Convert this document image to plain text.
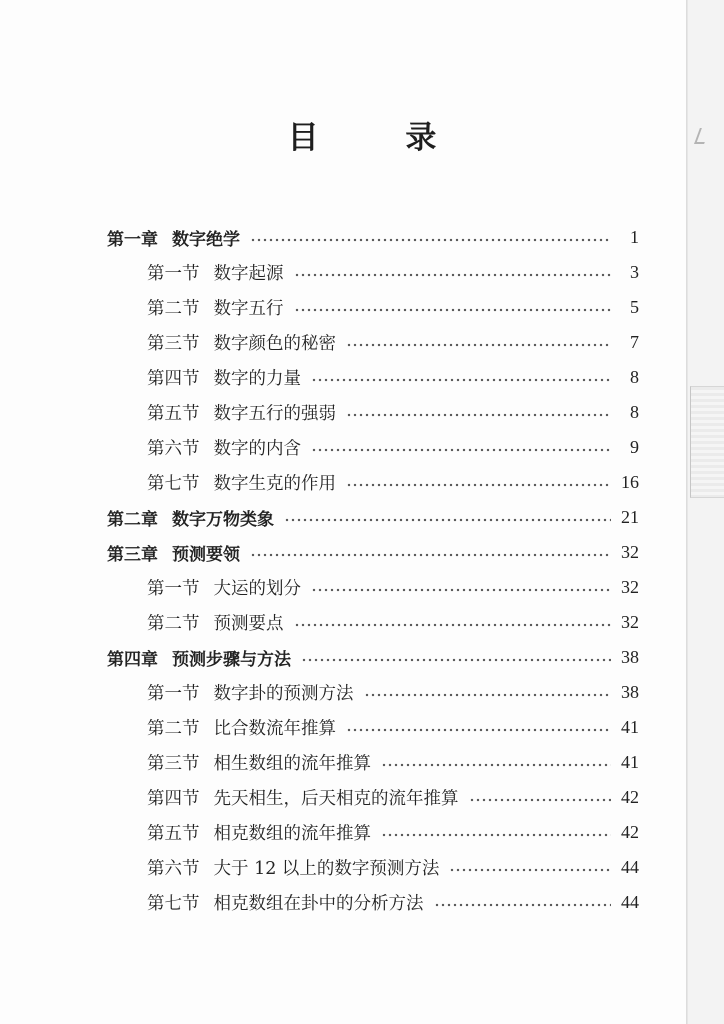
目 录
第一章 数字绝学	1
第一节 数字起源	3
第二节 数字五行	5
第三节 数字颜色的秘密	7
第四节 数字的力量	8
第五节 数字五行的强弱	8
第六节 数字的内含	9
第七节 数字生克的作用	16
第二章 数字万物类象	21
第三章 预测要领	32
第一节 大运的划分	32
第二节 预测要点	32
第四章 预测步骤与方法	38
第一节 数字卦的预测方法	38
第二节 比合数流年推算	41
第三节 相生数组的流年推算	41
第四节 先天相生，后天相克的流年推算	42
第五节 相克数组的流年推算	42
第六节 大于 12 以上的数字预测方法	44
第七节 相克数组在卦中的分析方法	44
